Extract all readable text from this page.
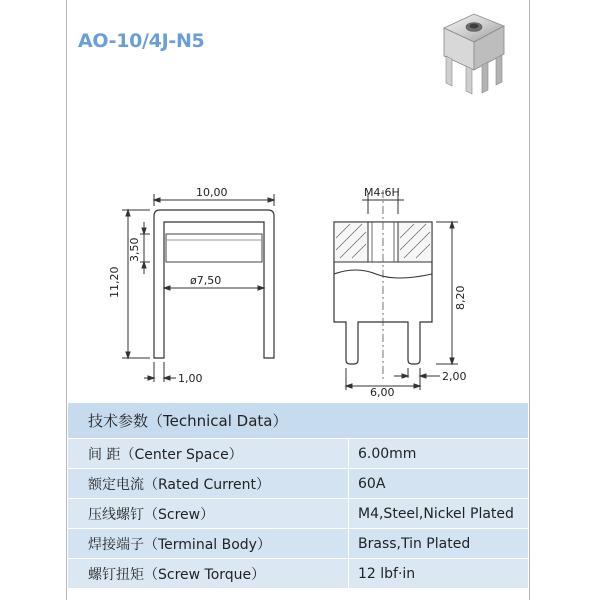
AO-10/4J-N5
10,00
11,20
3,50
ø7,50
1,00
M4-6H
8,20
6,00
2,00
技术参数（Technical Data）
间 距（Center Space）	6.00mm
额定电流（Rated Current）	60A
压线螺钉（Screw）	M4,Steel,Nickel Plated
焊接端子（Terminal Body）	Brass,Tin Plated
螺钉扭矩（Screw Torque）	12 lbf·in
